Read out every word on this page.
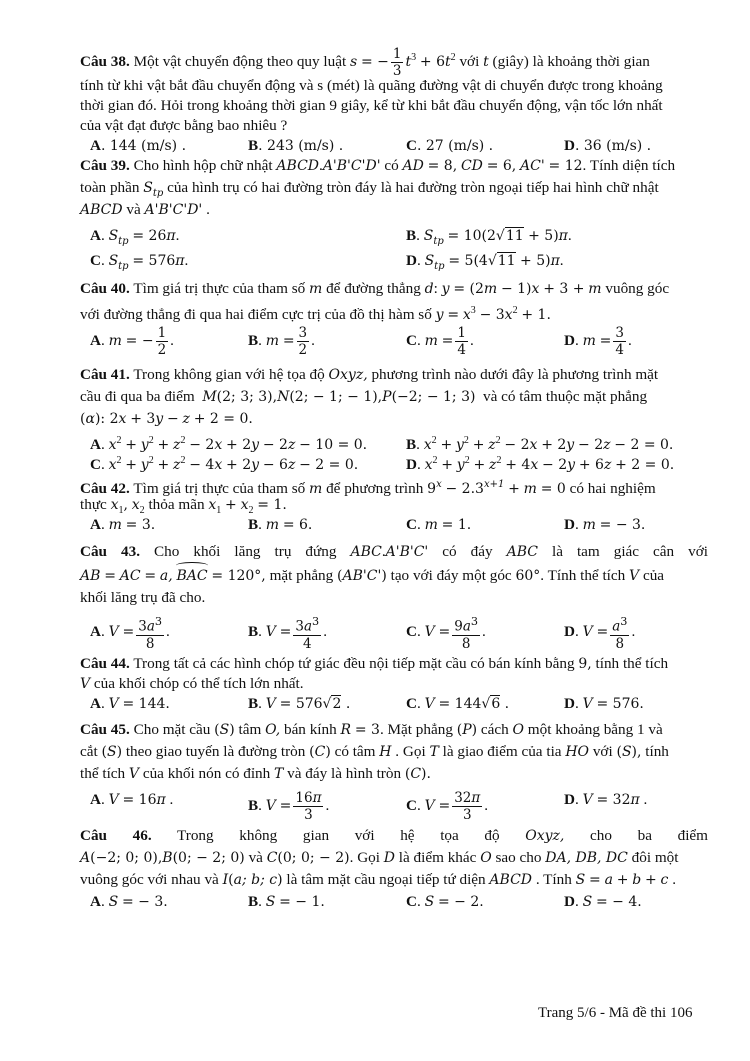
Câu 38. Một vật chuyển động theo quy luật s = − $\frac{1}{3} t^3 + 6t^2$ với t (giây) là khoảng thời gian
tính từ khi vật bắt đầu chuyển động và s (mét) là quãng đường vật di chuyển được trong khoảng
thời gian đó. Hỏi trong khoảng thời gian 9 giây, kể từ khi bắt đầu chuyển động, vận tốc lớn nhất
của vật đạt được bằng bao nhiêu ?
A. 144 (m/s) .	B. 243 (m/s) .	C. 27 (m/s) .	D. 36 (m/s) .
Câu 39. Cho hình hộp chữ nhật ABCD.A'B'C'D' có AD = 8, CD = 6, AC' = 12. Tính diện tích
toàn phần $S_{tp}$ của hình trụ có hai đường tròn đáy là hai đường tròn ngoại tiếp hai hình chữ nhật
ABCD và A'B'C'D' .
A. $S_{tp} = 26\pi$.	B. $S_{tp} = 10(2√11 + 5)\pi$.
C. $S_{tp} = 576\pi$.	D. $S_{tp} = 5(4√11 + 5)\pi$.
Câu 40. Tìm giá trị thực của tham số m để đường thẳng d: y = (2m − 1)x + 3 + m vuông góc
với đường thẳng đi qua hai điểm cực trị của đồ thị hàm số $y = x^3 - 3x^2 + 1$.
A. m = − $\frac{1}{2}$ .	B. $m = \frac{3}{2}$ .	C. $m = \frac{1}{4}$ .	D. $m = \frac{3}{4}$ .
Câu 41. Trong không gian với hệ tọa độ Oxyz, phương trình nào dưới đây là phương trình mặt
cầu đi qua ba điểm  M(2; 3; 3),N(2; − 1; − 1),P(−2; − 1; 3)  và có tâm thuộc mặt phẳng
(α): 2x + 3y − z + 2 = 0.
A. $x^2 + y^2 + z^2 - 2x + 2y - 2z - 10 = 0$.	B. $x^2 + y^2 + z^2 - 2x + 2y - 2z - 2 = 0$.
C. $x^2 + y^2 + z^2 - 4x + 2y - 6z - 2 = 0$.	D. $x^2 + y^2 + z^2 + 4x - 2y + 6z + 2 = 0$.
Câu 42. Tìm giá trị thực của tham số m để phương trình $9^x - 2.3^{x+1} + m = 0$ có hai nghiệm
thực $x_1$, $x_2$ thỏa mãn $x_1 + x_2 = 1$.
A. m = 3.	B. m = 6.	C. m = 1.	D. m = − 3.
Câu 43. Cho khối lăng trụ đứng ABC.A'B'C' có đáy ABC là tam giác cân với
AB = AC = a, BAC = 120°, mặt phẳng (AB'C') tạo với đáy một góc 60°. Tính thể tích V của
khối lăng trụ đã cho.
A. $V = \frac{3a^3}{8}$ .	B. $V = \frac{3a^3}{4}$ .	C. $V = \frac{9a^3}{8}$ .	D. $V = \frac{a^3}{8}$ .
Câu 44. Trong tất cả các hình chóp tứ giác đều nội tiếp mặt cầu có bán kính bằng 9, tính thể tích
V của khối chóp có thể tích lớn nhất.
A. V = 144.	B. V = 576√2 .	C. V = 144√6 .	D. V = 576.
Câu 45. Cho mặt cầu (S) tâm O, bán kính R = 3. Mặt phẳng (P) cách O một khoảng bằng 1 và
cắt (S) theo giao tuyến là đường tròn (C) có tâm H . Gọi T là giao điểm của tia HO với (S), tính
thể tích V của khối nón có đỉnh T và đáy là hình tròn (C).
A. V = 16π .	B. $V = \frac{16\pi}{3}$ .	C. $V = \frac{32\pi}{3}$ .	D. V = 32π .
Câu 46. Trong không gian với hệ tọa độ Oxyz, cho ba điểm
A(−2; 0; 0),B(0; − 2; 0) và C(0; 0; − 2). Gọi D là điểm khác O sao cho DA, DB, DC đôi một
vuông góc với nhau và I(a; b; c) là tâm mặt cầu ngoại tiếp tứ diện ABCD . Tính S = a + b + c .
A. S = − 3.	B. S = − 1.	C. S = − 2.	D. S = − 4.
Trang 5/6 - Mã đề thi 106
